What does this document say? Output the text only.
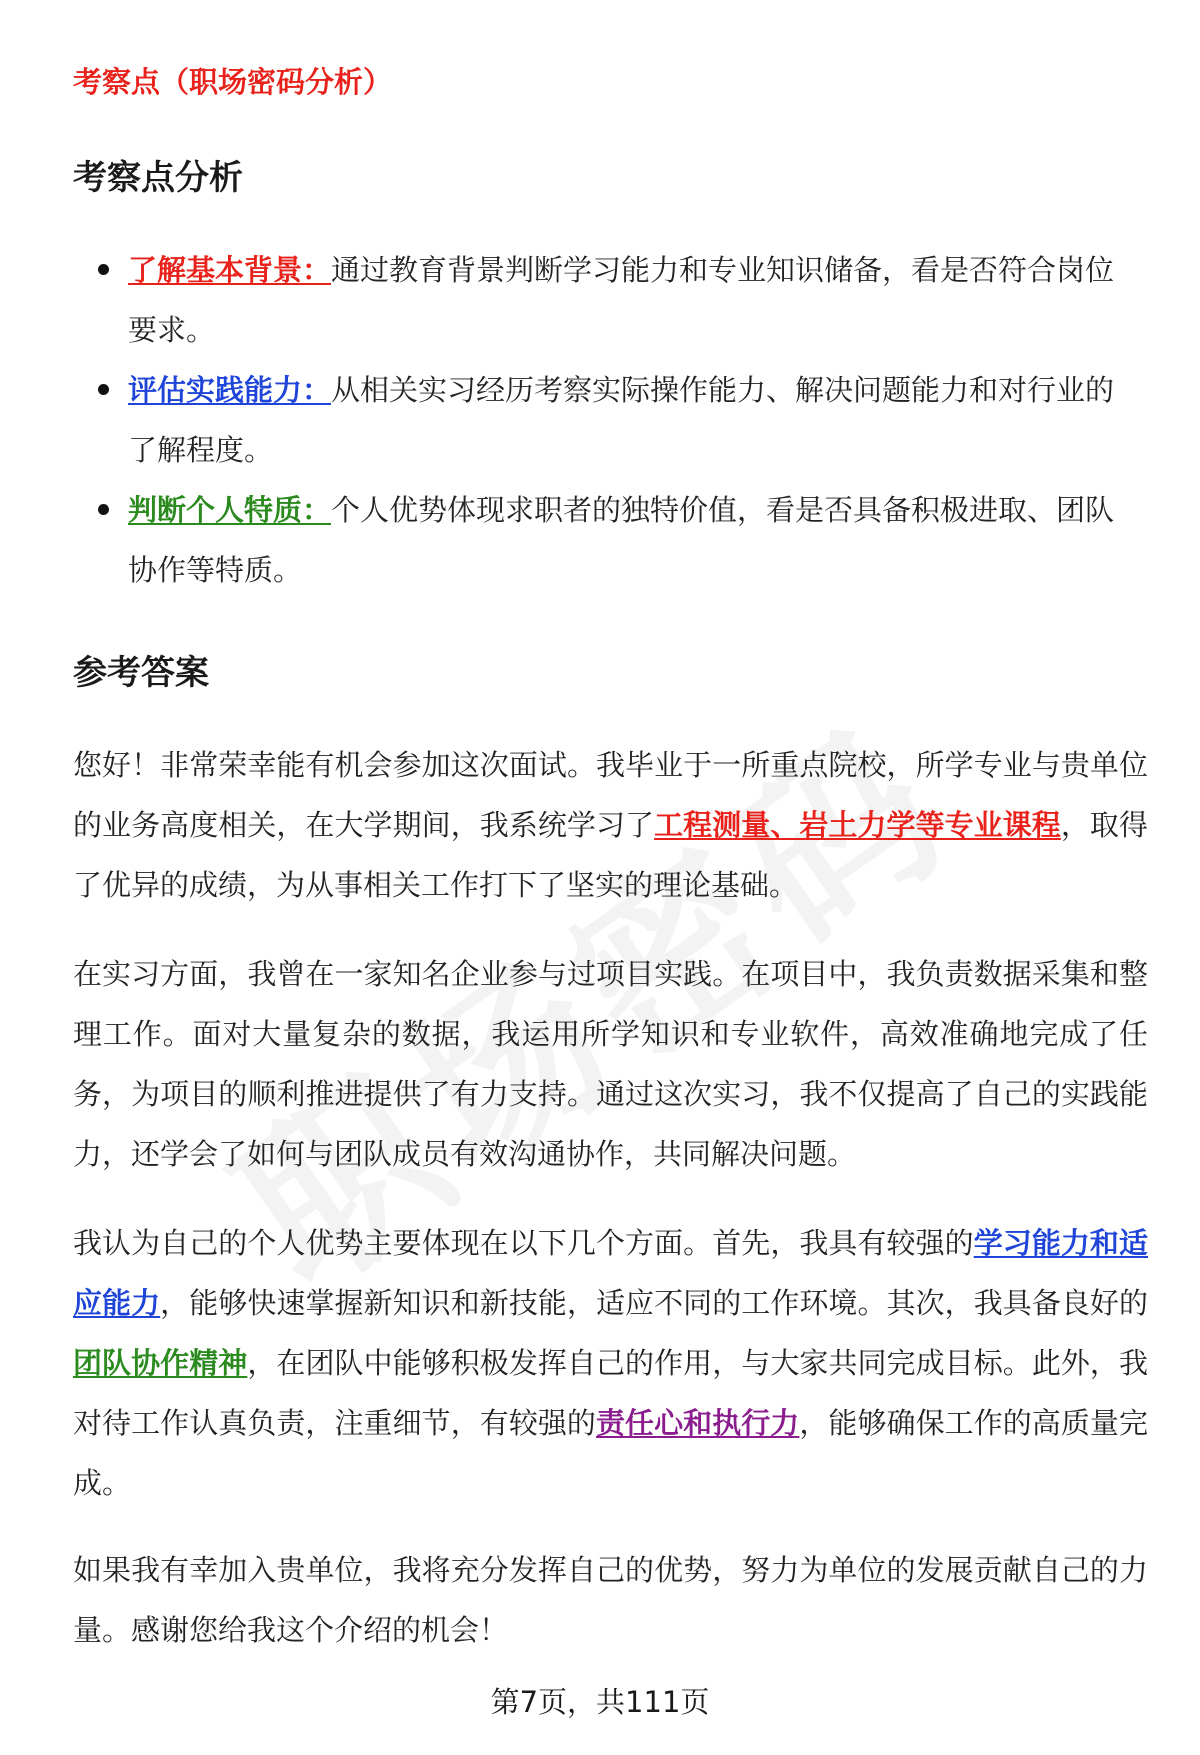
考察点（职场密码分析）
考察点分析
了解基本背景：通过教育背景判断学习能力和专业知识储备，看是否符合岗位要求。
评估实践能力：从相关实习经历考察实际操作能力、解决问题能力和对行业的了解程度。
判断个人特质：个人优势体现求职者的独特价值，看是否具备积极进取、团队协作等特质。
参考答案

您好！非常荣幸能有机会参加这次面试。我毕业于一所重点院校，所学专业与贵单位的业务高度相关，在大学期间，我系统学习了工程测量、岩土力学等专业课程，取得了优异的成绩，为从事相关工作打下了坚实的理论基础。

在实习方面，我曾在一家知名企业参与过项目实践。在项目中，我负责数据采集和整理工作。面对大量复杂的数据，我运用所学知识和专业软件，高效准确地完成了任务，为项目的顺利推进提供了有力支持。通过这次实习，我不仅提高了自己的实践能力，还学会了如何与团队成员有效沟通协作，共同解决问题。

我认为自己的个人优势主要体现在以下几个方面。首先，我具有较强的学习能力和适应能力，能够快速掌握新知识和新技能，适应不同的工作环境。其次，我具备良好的团队协作精神，在团队中能够积极发挥自己的作用，与大家共同完成目标。此外，我对待工作认真负责，注重细节，有较强的责任心和执行力，能够确保工作的高质量完成。

如果我有幸加入贵单位，我将充分发挥自己的优势，努力为单位的发展贡献自己的力量。感谢您给我这个介绍的机会！

第7页，共111页
